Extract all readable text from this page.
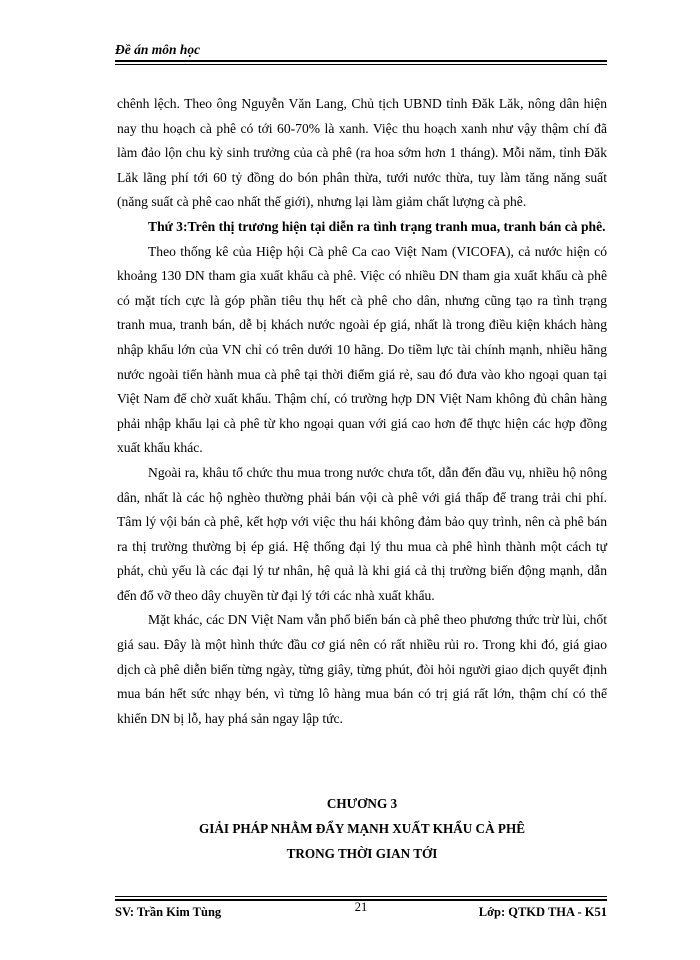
Đề án môn học

chênh lệch. Theo ông Nguyễn Văn Lang, Chủ tịch UBND tỉnh Đăk Lăk, nông dân hiện nay thu hoạch cà phê có tới 60-70% là xanh. Việc thu hoạch xanh như vậy thậm chí đã làm đảo lộn chu kỳ sinh trưởng của cà phê (ra hoa sớm hơn 1 tháng). Mỗi năm, tỉnh Đăk Lăk lãng phí tới 60 tỷ đồng do bón phân thừa, tưới nước thừa, tuy làm tăng năng suất (năng suất cà phê cao nhất thế giới), nhưng lại làm giảm chất lượng cà phê.

Thứ 3:Trên thị trương hiện tại diễn ra tình trạng tranh mua, tranh bán cà phê.

Theo thống kê của Hiệp hội Cà phê Ca cao Việt Nam (VICOFA), cả nước hiện có khoảng 130 DN tham gia xuất khẩu cà phê. Việc có nhiều DN tham gia xuất khẩu cà phê có mặt tích cực là góp phần tiêu thụ hết cà phê cho dân, nhưng cũng tạo ra tình trạng tranh mua, tranh bán, dễ bị khách nước ngoài ép giá, nhất là trong điều kiện khách hàng nhập khẩu lớn của VN chỉ có trên dưới 10 hãng. Do tiềm lực tài chính mạnh, nhiều hãng nước ngoài tiến hành mua cà phê tại thời điểm giá rẻ, sau đó đưa vào kho ngoại quan tại Việt Nam để chờ xuất khẩu. Thậm chí, có trường hợp DN Việt Nam không đủ chân hàng phải nhập khẩu lại cà phê từ kho ngoại quan với giá cao hơn để thực hiện các hợp đồng xuất khẩu khác.

Ngoài ra, khâu tổ chức thu mua trong nước chưa tốt, dẫn đến đầu vụ, nhiều hộ nông dân, nhất là các hộ nghèo thường phải bán vội cà phê với giá thấp để trang trải chi phí. Tâm lý vội bán cà phê, kết hợp với việc thu hái không đảm bảo quy trình, nên cà phê bán ra thị trường thường bị ép giá. Hệ thống đại lý thu mua cà phê hình thành một cách tự phát, chủ yếu là các đại lý tư nhân, hệ quả là khi giá cả thị trường biến động mạnh, dẫn đến đổ vỡ theo dây chuyền từ đại lý tới các nhà xuất khẩu.

Mặt khác, các DN Việt Nam vẫn phổ biến bán cà phê theo phương thức trừ lùi, chốt giá sau. Đây là một hình thức đầu cơ giá nên có rất nhiều rủi ro. Trong khi đó, giá giao dịch cà phê diễn biến từng ngày, từng giây, từng phút, đòi hỏi người giao dịch quyết định mua bán hết sức nhạy bén, vì từng lô hàng mua bán có trị giá rất lớn, thậm chí có thể khiến DN bị lỗ, hay phá sản ngay lập tức.

CHƯƠNG 3
GIẢI PHÁP NHẰM ĐẨY MẠNH XUẤT KHẨU CÀ PHÊ
TRONG THỜI GIAN TỚI
SV: Trần Kim Tùng	21	Lớp: QTKD THA - K51
